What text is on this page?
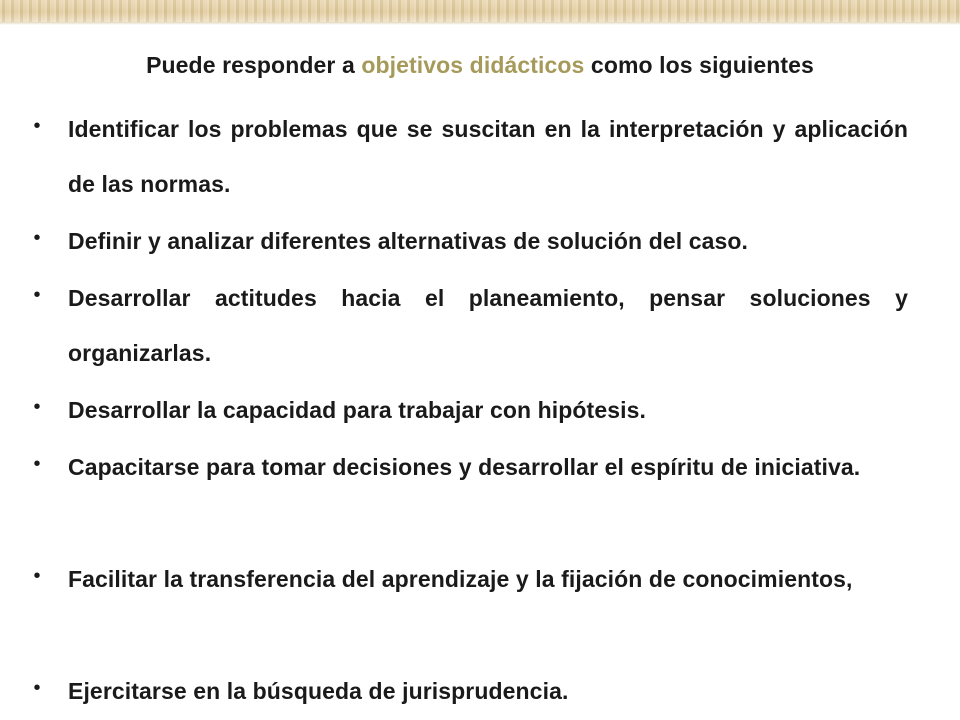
Puede responder a objetivos didácticos como los siguientes
• Identificar los problemas que se suscitan en la interpretación y aplicación de las normas.
• Definir y analizar diferentes alternativas de solución del caso.
• Desarrollar actitudes hacia el planeamiento, pensar soluciones y organizarlas.
• Desarrollar la capacidad para trabajar con hipótesis.
• Capacitarse para tomar decisiones y desarrollar el espíritu de iniciativa.
• Facilitar la transferencia del aprendizaje y la fijación de conocimientos,
• Ejercitarse en la búsqueda de jurisprudencia.
